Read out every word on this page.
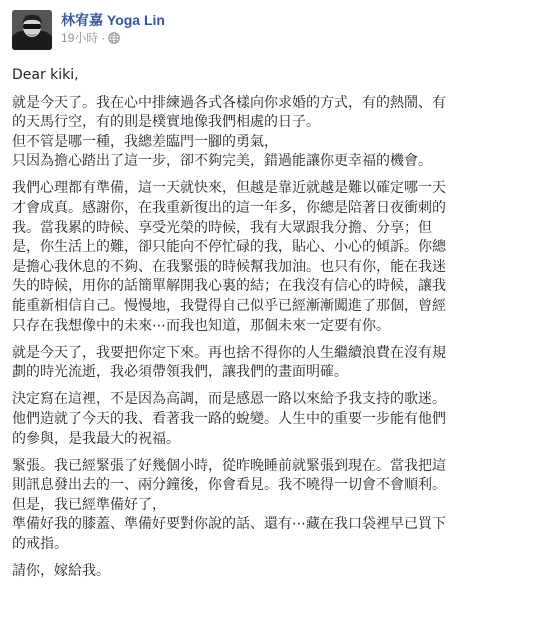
林宥嘉 Yoga Lin
19小時 ·

Dear kiki,

就是今天了。我在心中排練過各式各樣向你求婚的方式，有的熱鬧、有
的天馬行空，有的則是樸實地像我們相處的日子。
但不管是哪一種，我總差臨門一腳的勇氣，
只因為擔心踏出了這一步，卻不夠完美，錯過能讓你更幸福的機會。

我們心理都有準備，這一天就快來，但越是靠近就越是難以確定哪一天
才會成真。感謝你，在我重新復出的這一年多，你總是陪著日夜衝刺的
我。當我累的時候、享受光榮的時候，我有大眾跟我分擔、分享；但
是，你生活上的難，卻只能向不停忙碌的我，貼心、小心的傾訴。你總
是擔心我休息的不夠、在我緊張的時候幫我加油。也只有你，能在我迷
失的時候，用你的話簡單解開我心裏的結；在我沒有信心的時候，讓我
能重新相信自己。慢慢地，我覺得自己似乎已經漸漸闖進了那個，曾經
只存在我想像中的未來⋯而我也知道，那個未來一定要有你。

就是今天了，我要把你定下來。再也捨不得你的人生繼續浪費在沒有規
劃的時光流逝，我必須帶領我們，讓我們的畫面明確。

決定寫在這裡，不是因為高調，而是感恩一路以來給予我支持的歌迷。
他們造就了今天的我、看著我一路的蛻變。人生中的重要一步能有他們
的參與，是我最大的祝福。

緊張。我已經緊張了好幾個小時，從昨晚睡前就緊張到現在。當我把這
則訊息發出去的一、兩分鐘後，你會看見。我不曉得一切會不會順利。
但是，我已經準備好了，
準備好我的膝蓋、準備好要對你說的話、還有⋯藏在我口袋裡早已買下
的戒指。

請你，嫁給我。
